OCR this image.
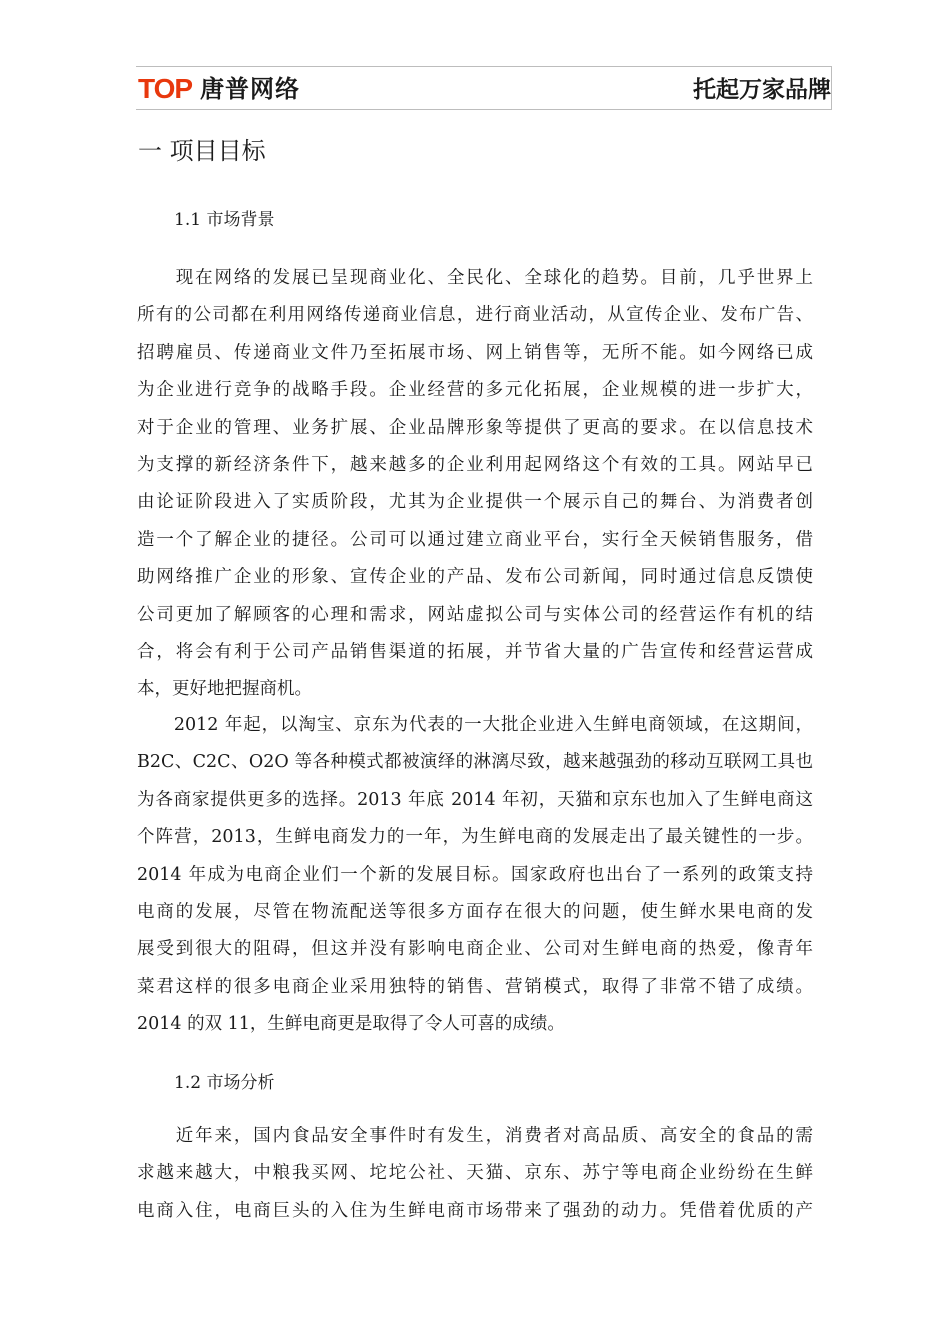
TOP 唐普网络	托起万家品牌
一 项目目标
1.1 市场背景
　　现在网络的发展已呈现商业化、全民化、全球化的趋势。目前，几乎世界上
所有的公司都在利用网络传递商业信息，进行商业活动，从宣传企业、发布广告、
招聘雇员、传递商业文件乃至拓展市场、网上销售等，无所不能。如今网络已成
为企业进行竞争的战略手段。企业经营的多元化拓展，企业规模的进一步扩大，
对于企业的管理、业务扩展、企业品牌形象等提供了更高的要求。在以信息技术
为支撑的新经济条件下，越来越多的企业利用起网络这个有效的工具。网站早已
由论证阶段进入了实质阶段，尤其为企业提供一个展示自己的舞台、为消费者创
造一个了解企业的捷径。公司可以通过建立商业平台，实行全天候销售服务，借
助网络推广企业的形象、宣传企业的产品、发布公司新闻，同时通过信息反馈使
公司更加了解顾客的心理和需求，网站虚拟公司与实体公司的经营运作有机的结
合，将会有利于公司产品销售渠道的拓展，并节省大量的广告宣传和经营运营成
本，更好地把握商机。
　　2012 年起，以淘宝、京东为代表的一大批企业进入生鲜电商领域，在这期间，
B2C、C2C、O2O 等各种模式都被演绎的淋漓尽致，越来越强劲的移动互联网工具也
为各商家提供更多的选择。2013 年底 2014 年初，天猫和京东也加入了生鲜电商这
个阵营，2013，生鲜电商发力的一年，为生鲜电商的发展走出了最关键性的一步。
2014 年成为电商企业们一个新的发展目标。国家政府也出台了一系列的政策支持
电商的发展，尽管在物流配送等很多方面存在很大的问题，使生鲜水果电商的发
展受到很大的阻碍，但这并没有影响电商企业、公司对生鲜电商的热爱，像青年
菜君这样的很多电商企业采用独特的销售、营销模式，取得了非常不错了成绩。
2014 的双 11，生鲜电商更是取得了令人可喜的成绩。
1.2 市场分析
　　近年来，国内食品安全事件时有发生，消费者对高品质、高安全的食品的需
求越来越大，中粮我买网、坨坨公社、天猫、京东、苏宁等电商企业纷纷在生鲜
电商入住，电商巨头的入住为生鲜电商市场带来了强劲的动力。凭借着优质的产
